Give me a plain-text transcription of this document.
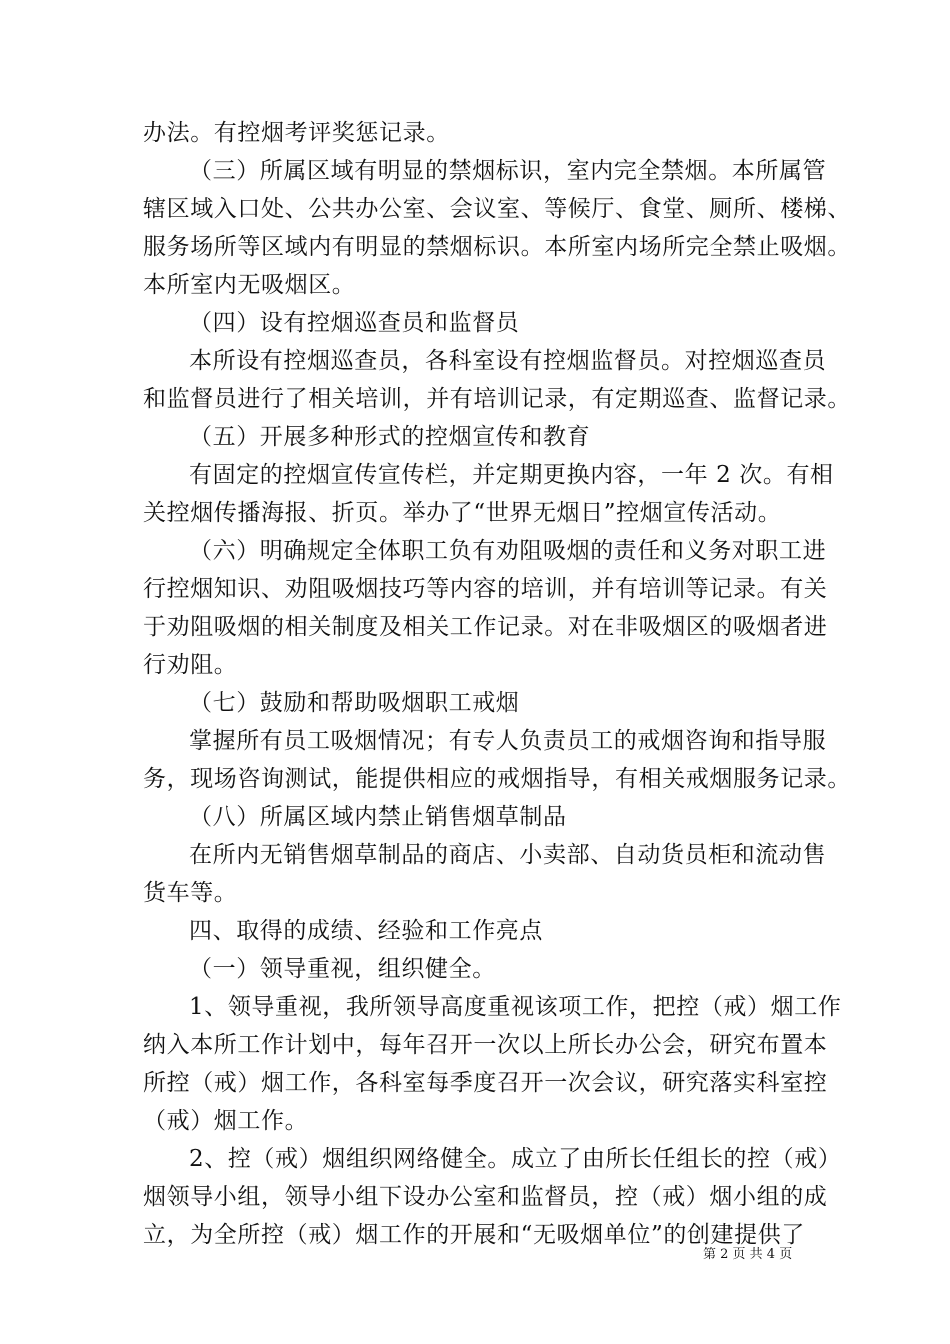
办法。有控烟考评奖惩记录。
（三）所属区域有明显的禁烟标识，室内完全禁烟。本所属管
辖区域入口处、公共办公室、会议室、等候厅、食堂、厕所、楼梯、
服务场所等区域内有明显的禁烟标识。本所室内场所完全禁止吸烟。
本所室内无吸烟区。
（四）设有控烟巡查员和监督员
本所设有控烟巡查员，各科室设有控烟监督员。对控烟巡查员
和监督员进行了相关培训，并有培训记录，有定期巡查、监督记录。
（五）开展多种形式的控烟宣传和教育
有固定的控烟宣传宣传栏，并定期更换内容，一年 2 次。有相
关控烟传播海报、折页。举办了“世界无烟日”控烟宣传活动。
（六）明确规定全体职工负有劝阻吸烟的责任和义务对职工进
行控烟知识、劝阻吸烟技巧等内容的培训，并有培训等记录。有关
于劝阻吸烟的相关制度及相关工作记录。对在非吸烟区的吸烟者进
行劝阻。
（七）鼓励和帮助吸烟职工戒烟
掌握所有员工吸烟情况；有专人负责员工的戒烟咨询和指导服
务，现场咨询测试，能提供相应的戒烟指导，有相关戒烟服务记录。
（八）所属区域内禁止销售烟草制品
在所内无销售烟草制品的商店、小卖部、自动货员柜和流动售
货车等。
四、取得的成绩、经验和工作亮点
（一）领导重视，组织健全。
1、领导重视，我所领导高度重视该项工作，把控（戒）烟工作
纳入本所工作计划中，每年召开一次以上所长办公会，研究布置本
所控（戒）烟工作，各科室每季度召开一次会议，研究落实科室控
（戒）烟工作。
2、控（戒）烟组织网络健全。成立了由所长任组长的控（戒）
烟领导小组，领导小组下设办公室和监督员，控（戒）烟小组的成
立，为全所控（戒）烟工作的开展和“无吸烟单位”的创建提供了
第 2 页 共 4 页
